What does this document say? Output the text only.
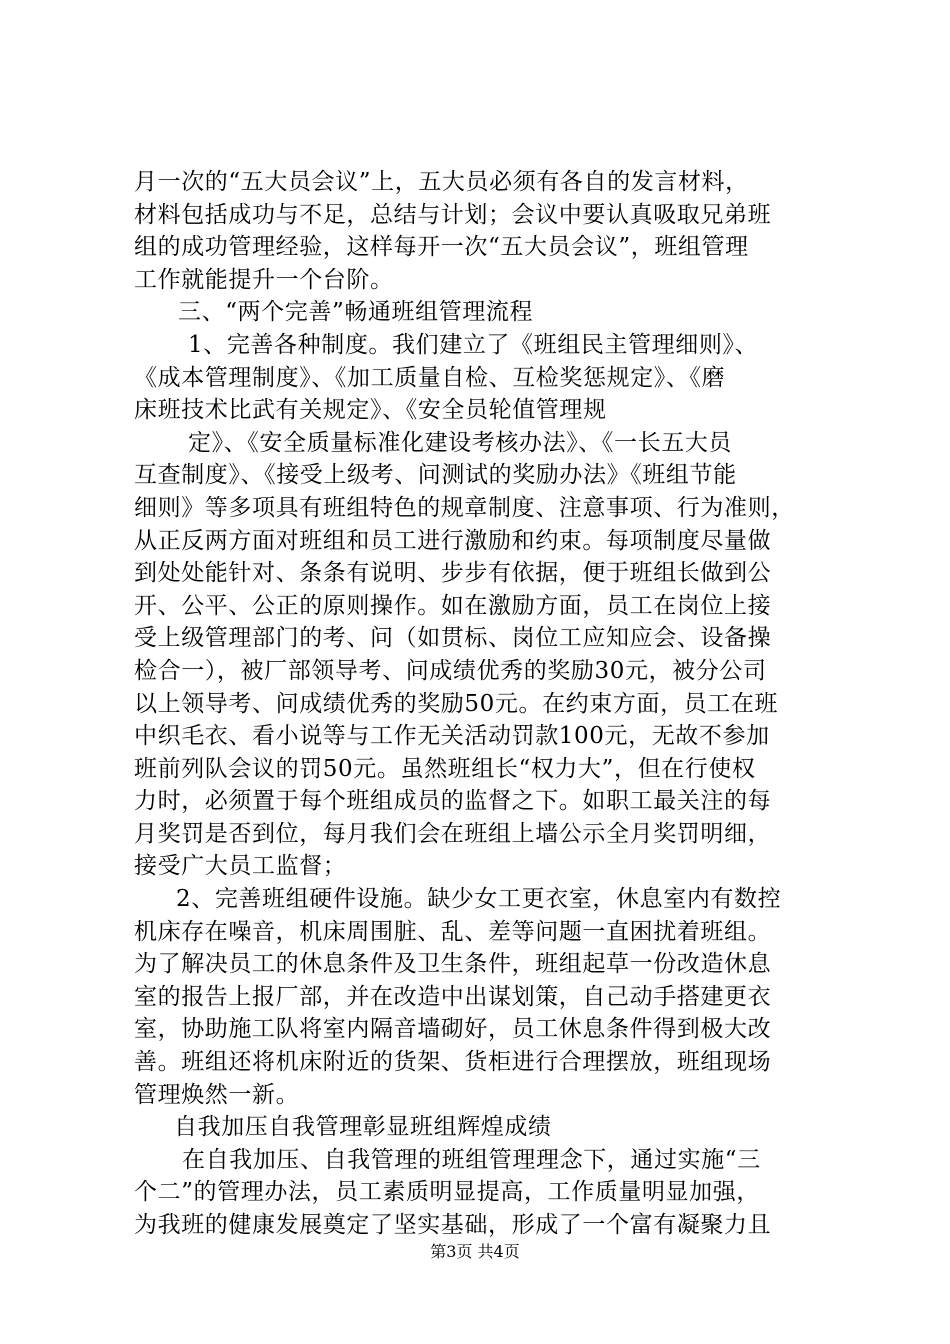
月一次的“五大员会议”上，五大员必须有各自的发言材料，
材料包括成功与不足，总结与计划；会议中要认真吸取兄弟班
组的成功管理经验，这样每开一次“五大员会议”，班组管理
工作就能提升一个台阶。
三、“两个完善”畅通班组管理流程
1、完善各种制度。我们建立了《班组民主管理细则》、
《成本管理制度》、《加工质量自检、互检奖惩规定》、《磨
床班技术比武有关规定》、《安全员轮值管理规
定》、《安全质量标准化建设考核办法》、《一长五大员
互查制度》、《接受上级考、问测试的奖励办法》《班组节能
细则》等多项具有班组特色的规章制度、注意事项、行为准则，
从正反两方面对班组和员工进行激励和约束。每项制度尽量做
到处处能针对、条条有说明、步步有依据，便于班组长做到公
开、公平、公正的原则操作。如在激励方面，员工在岗位上接
受上级管理部门的考、问（如贯标、岗位工应知应会、设备操
检合一），被厂部领导考、问成绩优秀的奖励30元，被分公司
以上领导考、问成绩优秀的奖励50元。在约束方面，员工在班
中织毛衣、看小说等与工作无关活动罚款100元，无故不参加
班前列队会议的罚50元。虽然班组长“权力大”，但在行使权
力时，必须置于每个班组成员的监督之下。如职工最关注的每
月奖罚是否到位，每月我们会在班组上墙公示全月奖罚明细，
接受广大员工监督；
2、完善班组硬件设施。缺少女工更衣室，休息室内有数控
机床存在噪音，机床周围脏、乱、差等问题一直困扰着班组。
为了解决员工的休息条件及卫生条件，班组起草一份改造休息
室的报告上报厂部，并在改造中出谋划策，自己动手搭建更衣
室，协助施工队将室内隔音墙砌好，员工休息条件得到极大改
善。班组还将机床附近的货架、货柜进行合理摆放，班组现场
管理焕然一新。
自我加压自我管理彰显班组辉煌成绩
在自我加压、自我管理的班组管理理念下，通过实施“三
个二”的管理办法，员工素质明显提高，工作质量明显加强，
为我班的健康发展奠定了坚实基础，形成了一个富有凝聚力且
第3页 共4页
